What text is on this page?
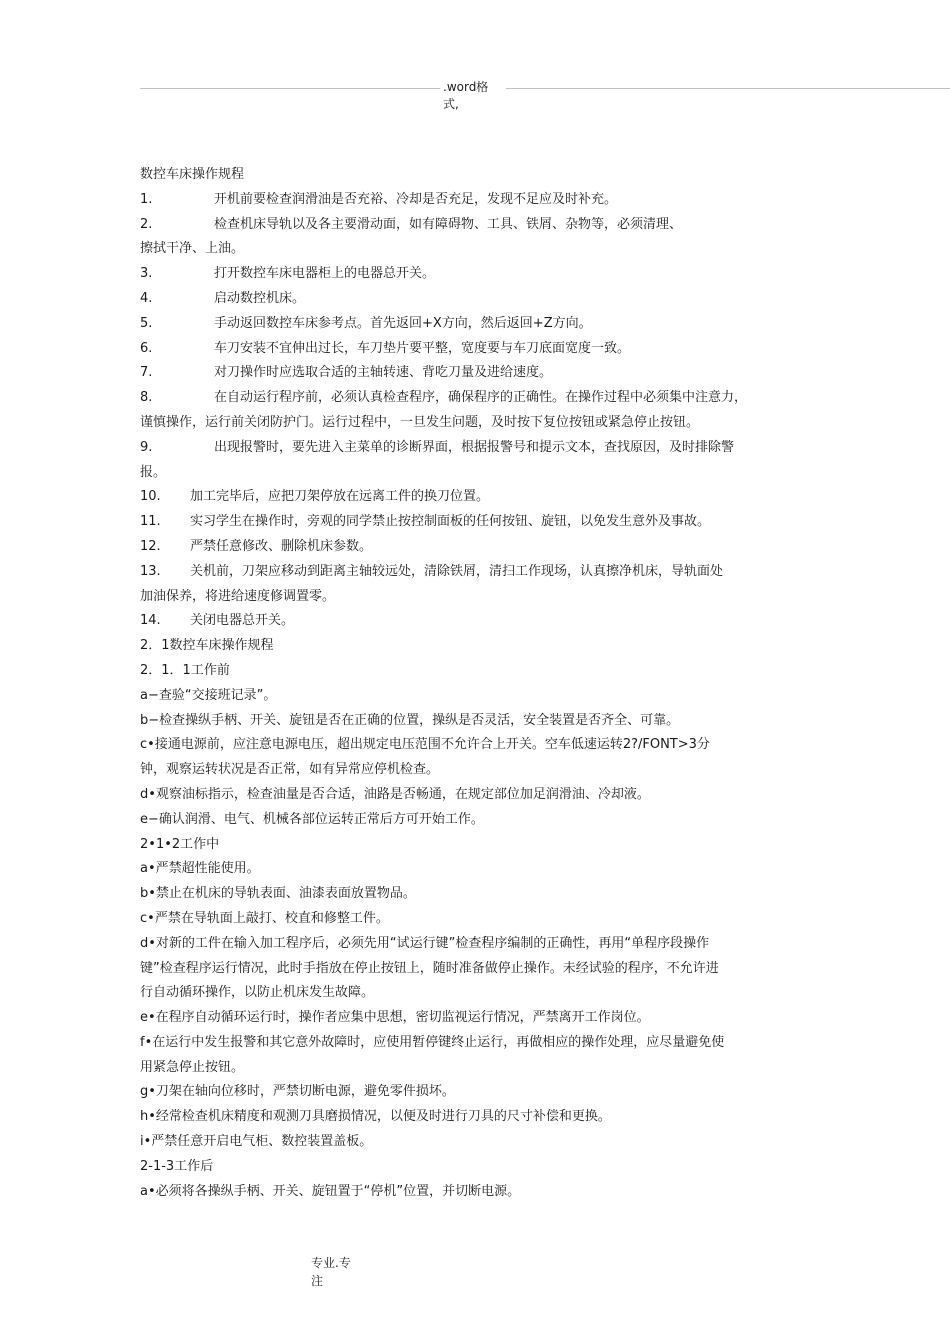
.word格式,
数控车床操作规程
1.	开机前要检查润滑油是否充裕、冷却是否充足，发现不足应及时补充。
2.	检查机床导轨以及各主要滑动面，如有障碍物、工具、铁屑、杂物等，必须清理、
擦拭干净、上油。
3.	打开数控车床电器柜上的电器总开关。
4.	启动数控机床。
5.	手动返回数控车床参考点。首先返回+X方向，然后返回+Z方向。
6.	车刀安装不宜伸出过长，车刀垫片要平整，宽度要与车刀底面宽度一致。
7.	对刀操作时应选取合适的主轴转速、背吃刀量及进给速度。
8.	在自动运行程序前，必须认真检查程序，确保程序的正确性。在操作过程中必须集中注意力，
谨慎操作，运行前关闭防护门。运行过程中，一旦发生问题，及时按下复位按钮或紧急停止按钮。
9.	出现报警时，要先进入主菜单的诊断界面，根据报警号和提示文本，查找原因，及时排除警
报。
10. 加工完毕后，应把刀架停放在远离工件的换刀位置。
11. 实习学生在操作时，旁观的同学禁止按控制面板的任何按钮、旋钮，以免发生意外及事故。
12. 严禁任意修改、删除机床参数。
13. 关机前，刀架应移动到距离主轴较远处，清除铁屑，清扫工作现场，认真擦净机床，导轨面处
加油保养，将进给速度修调置零。
14. 关闭电器总开关。
2．1数控车床操作规程
2．1．1工作前
a−查验“交接班记录”。
b−检查操纵手柄、开关、旋钮是否在正确的位置，操纵是否灵活，安全装置是否齐全、可靠。
c•接通电源前，应注意电源电压，超出规定电压范围不允许合上开关。空车低速运转2?/FONT>3分
钟，观察运转状况是否正常，如有异常应停机检查。
d•观察油标指示，检查油量是否合适，油路是否畅通，在规定部位加足润滑油、冷却液。
e−确认润滑、电气、机械各部位运转正常后方可开始工作。
2•1•2工作中
a•严禁超性能使用。
b•禁止在机床的导轨表面、油漆表面放置物品。
c•严禁在导轨面上敲打、校直和修整工件。
d•对新的工件在输入加工程序后，必须先用“试运行键”检查程序编制的正确性，再用“单程序段操作
键”检查程序运行情况，此时手指放在停止按钮上，随时准备做停止操作。未经试验的程序，不允许进
行自动循环操作，以防止机床发生故障。
e•在程序自动循环运行时，操作者应集中思想，密切监视运行情况，严禁离开工作岗位。
f•在运行中发生报警和其它意外故障时，应使用暂停键终止运行，再做相应的操作处理，应尽量避免使
用紧急停止按钮。
g•刀架在轴向位移时，严禁切断电源，避免零件损坏。
h•经常检查机床精度和观测刀具磨损情况，以便及时进行刀具的尺寸补偿和更换。
i•严禁任意开启电气柜、数控装置盖板。
2-1-3工作后
a•必须将各操纵手柄、开关、旋钮置于“停机”位置，并切断电源。
专业.专注
